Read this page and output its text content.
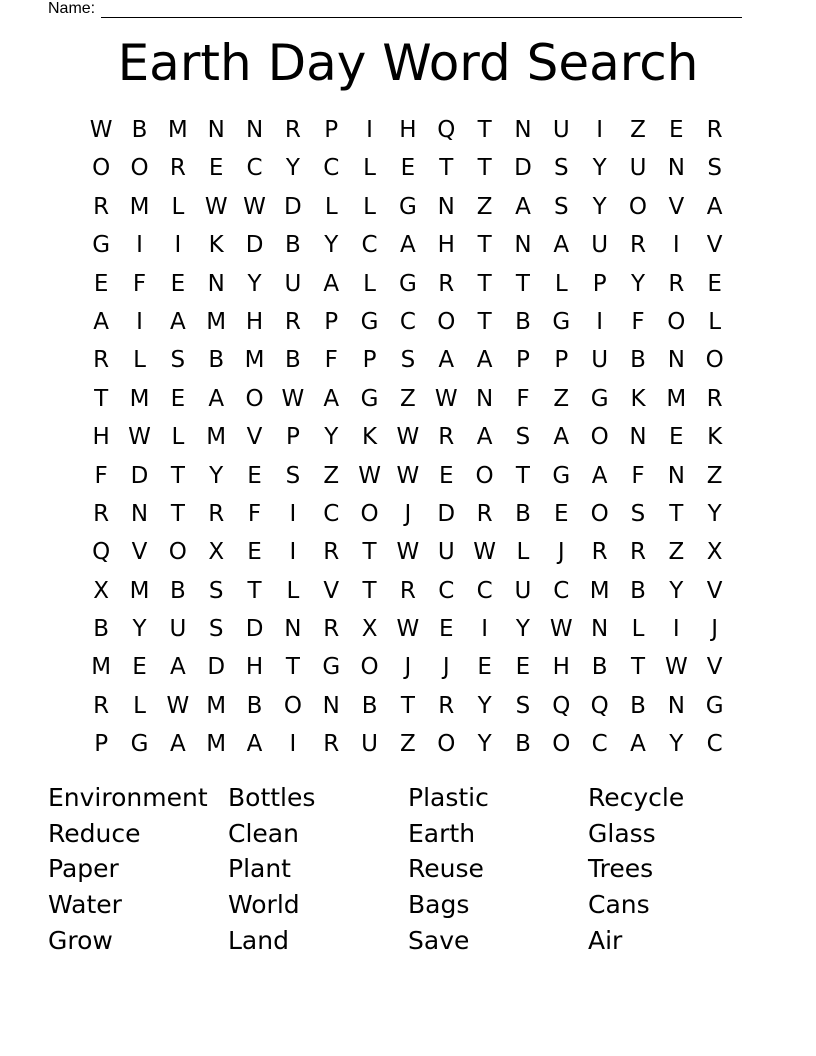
Name:
Earth Day Word Search
W B M N N R	P	I	H Q T N U	I	Z	E	R
O O R	E	C	Y	C	L	E	T	T D S	Y U N S
R M L W W D	L	L	G N Z A	S	Y O V A
G	I	I	K D B	Y	C A H T N A U R	I	V
E	F	E N Y U A	L	G R	T	T	L	P	Y	R	E
A	I	A M H R	P G C O T	B G	I	F O L
R	L	S	B M B	F	P	S	A A	P	P U B N O
T M E	A O W A G Z W N	F	Z G K M R
H W L M V	P	Y	K W R A	S	A O N E	K
F D T	Y	E	S	Z W W E O T G A	F	N Z
R N T	R	F	I	C O	J	D R B	E O S	T	Y
Q V O X	E	I	R	T W U W L	J	R R Z X
X M B	S	T	L	V	T	R C C U C M B	Y	V
B	Y U S D N R X W E	I	Y W N	L	I	J
M E	A D H T G O	J	J	E	E H B	T W V
R	L W M B O N B	T	R	Y	S Q Q B N G
P G A M A	I	R U Z O Y	B O C A	Y	C
Environment Bottles	Plastic	Recycle
Reduce	Clean	Earth	Glass
Paper	Plant	Reuse	Trees
Water	World	Bags	Cans
Grow	Land	Save	Air
